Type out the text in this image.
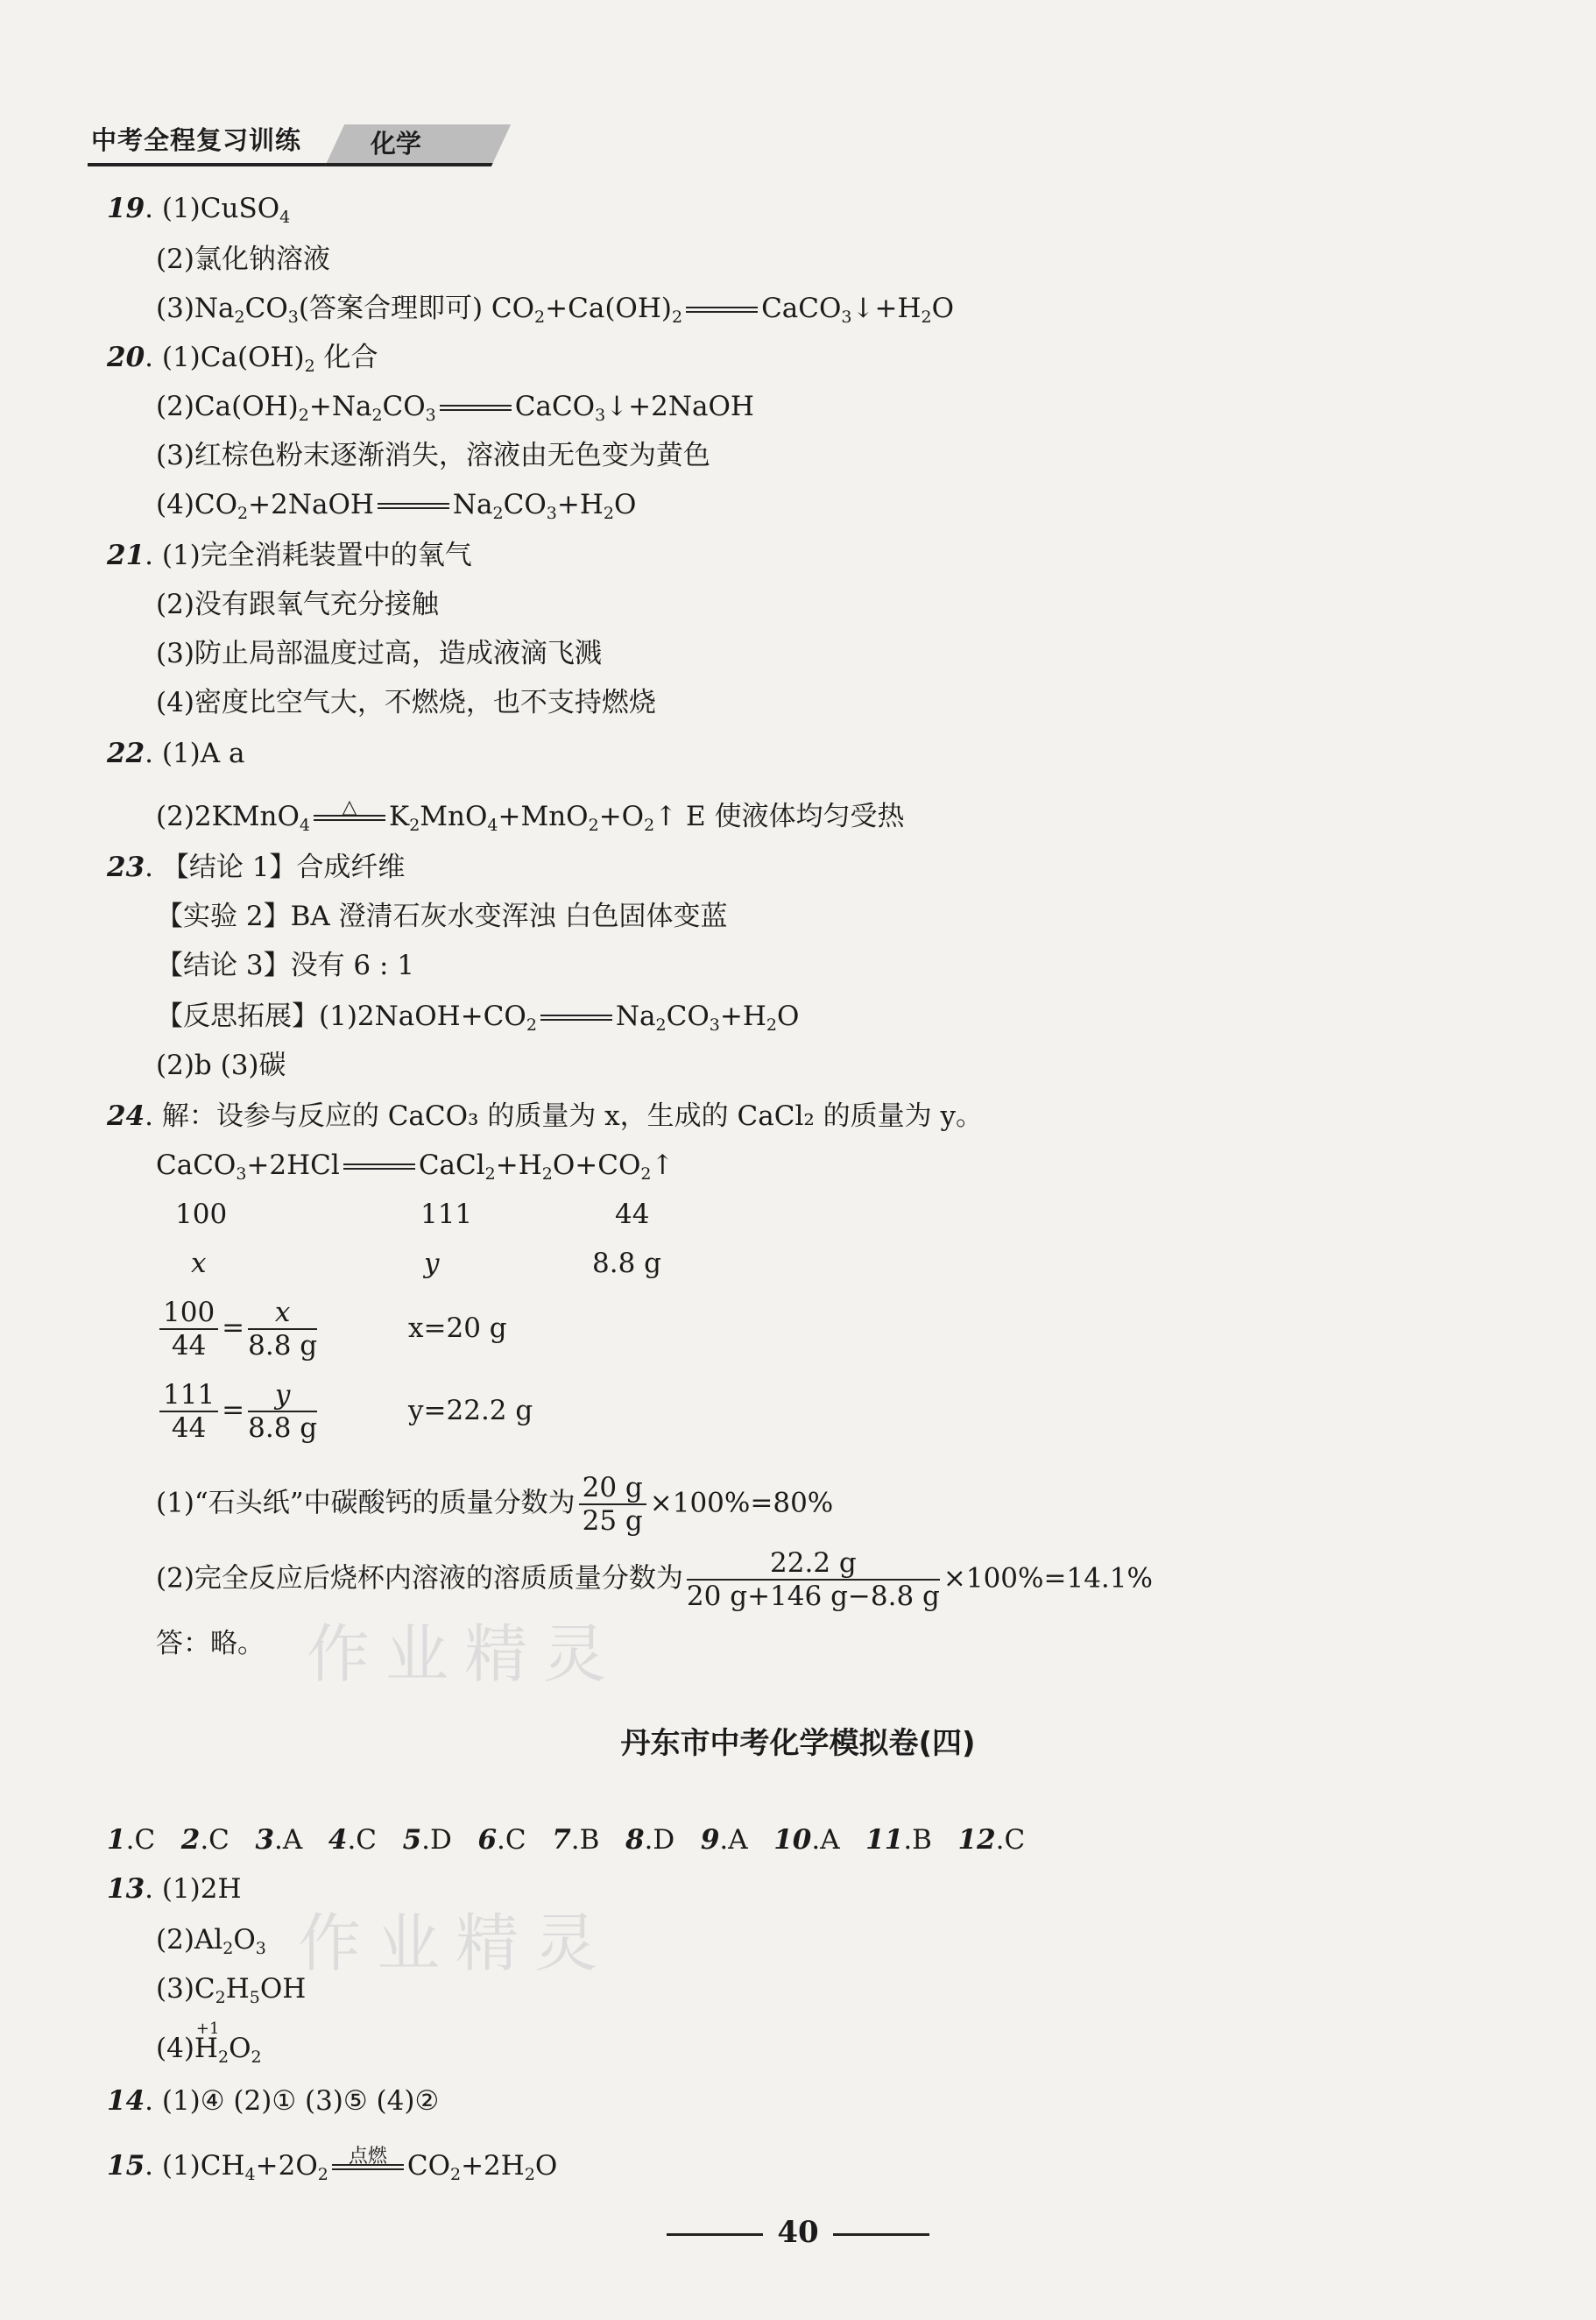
中考全程复习训练	化学
19. (1)CuSO$_4$
(2)氯化钠溶液
$(3)Na_2CO_3$(答案合理即可) $CO_2+Ca(OH)_2$	$CaCO_3↓+H_2O$
20. $(1)Ca(OH)_2$ 化合
$(2)Ca(OH)_2+Na_2CO_3$	CaCO$_3$↓+2NaOH
(3)红棕色粉末逐渐消失，溶液由无色变为黄色
$(4)CO_2+2NaOH$	$Na_2CO_3+H_2O$
21. (1)完全消耗装置中的氧气
(2)没有跟氧气充分接触
(3)防止局部温度过高，造成液滴飞溅
(4)密度比空气大，不燃烧，也不支持燃烧
22. (1)A a
(2)2KMnO$_4$
△	$K_2MnO_4+MnO_2+O_2↑$ E 使液体均匀受热
23. 【结论 1】合成纤维
【实验 2】BA 澄清石灰水变浑浊 白色固体变蓝
【结论 3】没有 6 : 1
【反思拓展】$(1)2NaOH+CO_2$	$Na_2CO_3+H_2O$
(2)b (3)碳
24. 解：设参与反应的 CaCO₃ 的质量为 x，生成的 CaCl₂ 的质量为 y。
CaCO$_3$+2HCl	$CaCl_2+H_2O+CO_2↑$
100	111	44
x	y	8.8 g
$\frac{100}{44} = \frac{x}{8.8 g}$	x=20 g
$\frac{111}{44} = \frac{y}{8.8 g}$	y=22.2 g
(1)“石头纸”中碳酸钙的质量分数为 $\frac{20 g}{25 g} \times 100\%=80\%$
(2)完全反应后烧杯内溶液的溶质质量分数为 $\frac{22.2 g}{20 g+146 g-8.8 g} \times 100\%=14.1\%$
答：略。
丹东市中考化学模拟卷(四)
1.C 2.C 3.A 4.C 5.D 6.C 7.B 8.D 9.A 10.A 11.B 12.C
13. (1)2H
$(2)Al_2O_3$
$(3)C_2H_5OH$
(4)
+1
$H_2O_2$
14. (1)④ (2)① (3)⑤ (4)②
15. $(1)CH_4+2O_2$
点燃 $CO_2+2H_2O$
作业精灵
作业精灵
40
